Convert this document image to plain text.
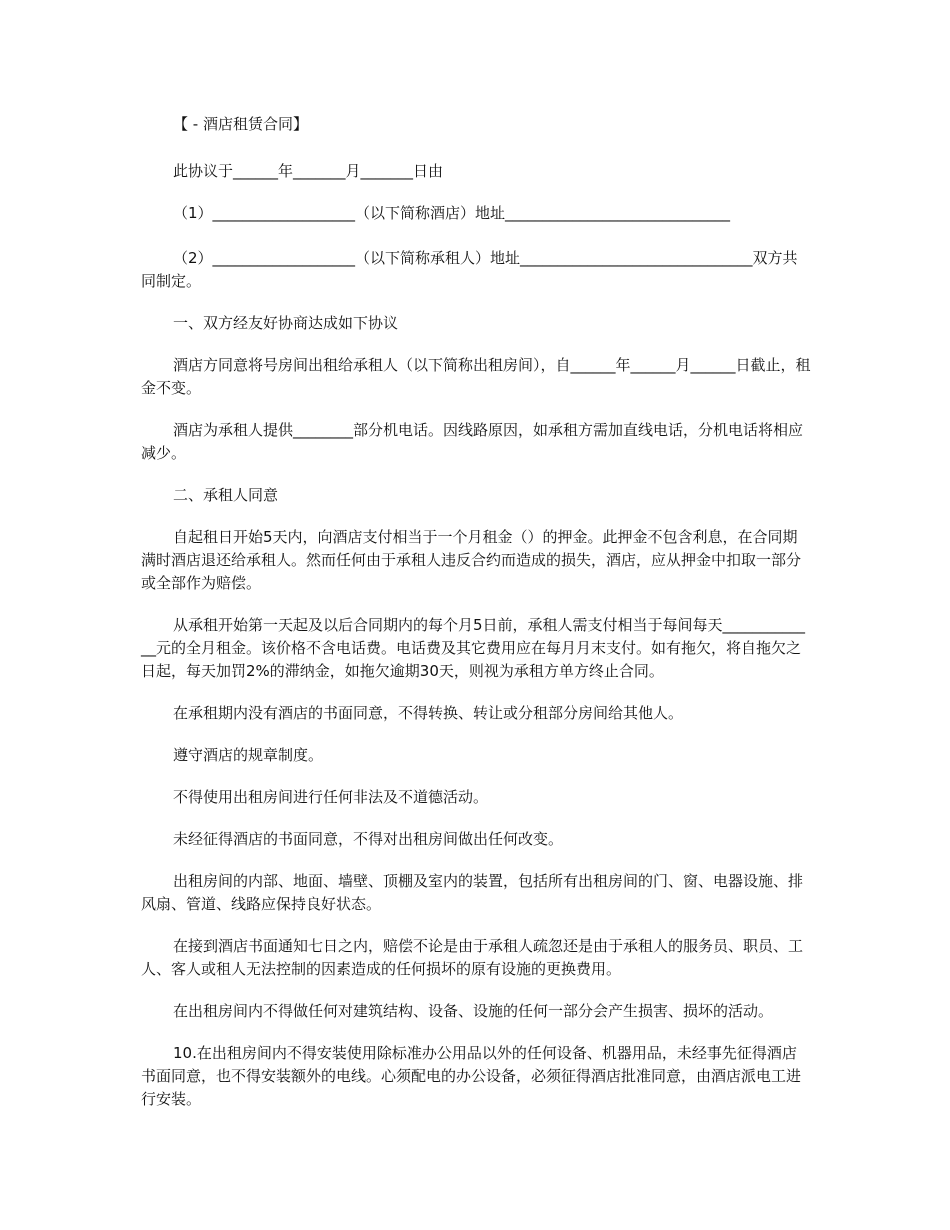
【 - 酒店租赁合同】

此协议于______年_______月_______日由

（1）___________________（以下简称酒店）地址______________________________

（2）___________________（以下简称承租人）地址_______________________________双方共同制定。

一、双方经友好协商达成如下协议

酒店方同意将号房间出租给承租人（以下简称出租房间），自______年______月______日截止，租金不变。

酒店为承租人提供________部分机电话。因线路原因，如承租方需加直线电话，分机电话将相应减少。

二、承租人同意

自起租日开始5天内，向酒店支付相当于一个月租金（）的押金。此押金不包含利息，在合同期满时酒店退还给承租人。然而任何由于承租人违反合约而造成的损失，酒店，应从押金中扣取一部分或全部作为赔偿。

从承租开始第一天起及以后合同期内的每个月5日前，承租人需支付相当于每间每天_____________元的全月租金。该价格不含电话费。电话费及其它费用应在每月月末支付。如有拖欠，将自拖欠之日起，每天加罚2%的滞纳金，如拖欠逾期30天，则视为承租方单方终止合同。

在承租期内没有酒店的书面同意，不得转换、转让或分租部分房间给其他人。

遵守酒店的规章制度。

不得使用出租房间进行任何非法及不道德活动。

未经征得酒店的书面同意，不得对出租房间做出任何改变。

出租房间的内部、地面、墙壁、顶棚及室内的装置，包括所有出租房间的门、窗、电器设施、排风扇、管道、线路应保持良好状态。

在接到酒店书面通知七日之内，赔偿不论是由于承租人疏忽还是由于承租人的服务员、职员、工人、客人或租人无法控制的因素造成的任何损坏的原有设施的更换费用。

在出租房间内不得做任何对建筑结构、设备、设施的任何一部分会产生损害、损坏的活动。

10.在出租房间内不得安装使用除标准办公用品以外的任何设备、机器用品，未经事先征得酒店书面同意，也不得安装额外的电线。心须配电的办公设备，必须征得酒店批准同意，由酒店派电工进行安装。
